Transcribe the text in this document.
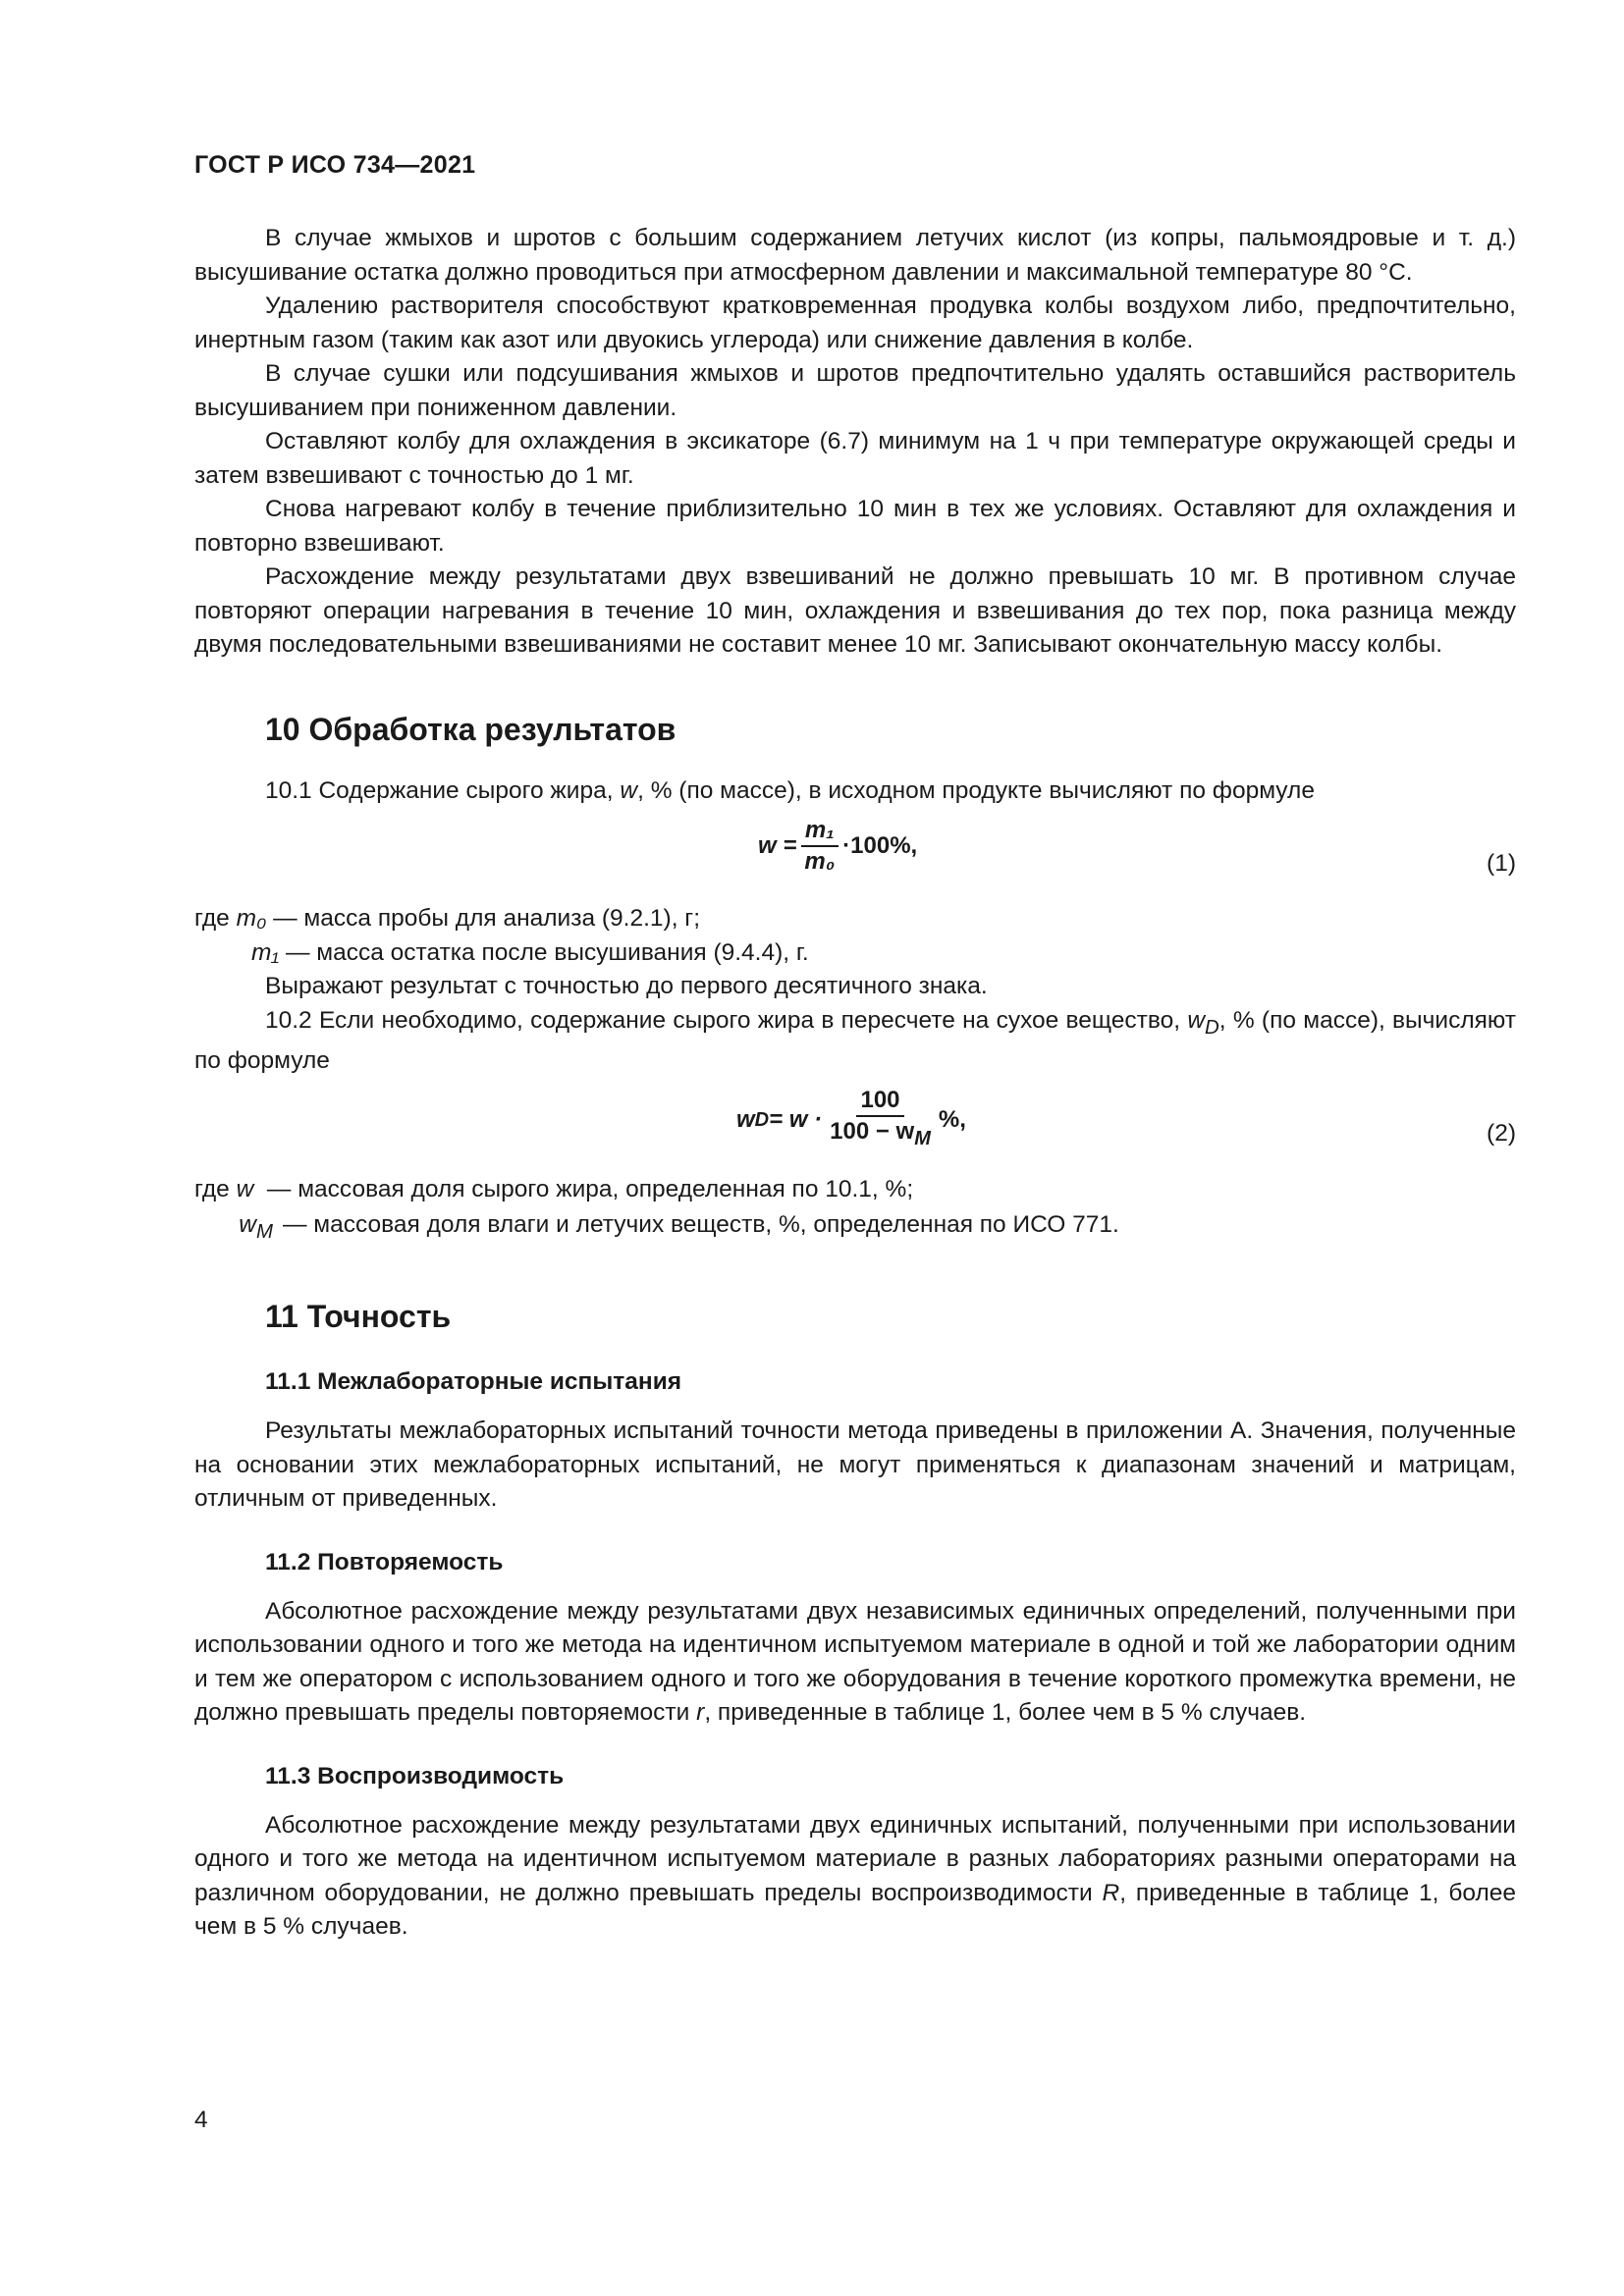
ГОСТ Р ИСО 734—2021

В случае жмыхов и шротов с большим содержанием летучих кислот (из копры, пальмоядровые и т. д.) высушивание остатка должно проводиться при атмосферном давлении и максимальной температуре 80 °С.

Удалению растворителя способствуют кратковременная продувка колбы воздухом либо, предпочтительно, инертным газом (таким как азот или двуокись углерода) или снижение давления в колбе.

В случае сушки или подсушивания жмыхов и шротов предпочтительно удалять оставшийся растворитель высушиванием при пониженном давлении.

Оставляют колбу для охлаждения в эксикаторе (6.7) минимум на 1 ч при температуре окружающей среды и затем взвешивают с точностью до 1 мг.

Снова нагревают колбу в течение приблизительно 10 мин в тех же условиях. Оставляют для охлаждения и повторно взвешивают.

Расхождение между результатами двух взвешиваний не должно превышать 10 мг. В противном случае повторяют операции нагревания в течение 10 мин, охлаждения и взвешивания до тех пор, пока разница между двумя последовательными взвешиваниями не составит менее 10 мг. Записывают окончательную массу колбы.

10 Обработка результатов

10.1 Содержание сырого жира, w, % (по массе), в исходном продукте вычисляют по формуле

$w = \frac{\text{m₁}}{\text{m₀}} \cdot 100\%$,
(1)
где m₀ — масса пробы для анализа (9.2.1), г;
m₁ — масса остатка после высушивания (9.4.4), г.

Выражают результат с точностью до первого десятичного знака.

10.2 Если необходимо, содержание сырого жира в пересчете на сухое вещество, $w_D$, % (по массе), вычисляют по формуле

w $D = w \cdot \frac{100}{100 - w_M}$ %,
(2)
где w — массовая доля сырого жира, определенная по 10.1, %;
$w_M$ — массовая доля влаги и летучих веществ, %, определенная по ИСО 771.
11 Точность
11.1 Межлабораторные испытания

Результаты межлабораторных испытаний точности метода приведены в приложении А. Значения, полученные на основании этих межлабораторных испытаний, не могут применяться к диапазонам значений и матрицам, отличным от приведенных.

11.2 Повторяемость

Абсолютное расхождение между результатами двух независимых единичных определений, полученными при использовании одного и того же метода на идентичном испытуемом материале в одной и той же лаборатории одним и тем же оператором с использованием одного и того же оборудования в течение короткого промежутка времени, не должно превышать пределы повторяемости r, приведенные в таблице 1, более чем в 5 % случаев.

11.3 Воспроизводимость

Абсолютное расхождение между результатами двух единичных испытаний, полученными при использовании одного и того же метода на идентичном испытуемом материале в разных лабораториях разными операторами на различном оборудовании, не должно превышать пределы воспроизводимости R, приведенные в таблице 1, более чем в 5 % случаев.

4
